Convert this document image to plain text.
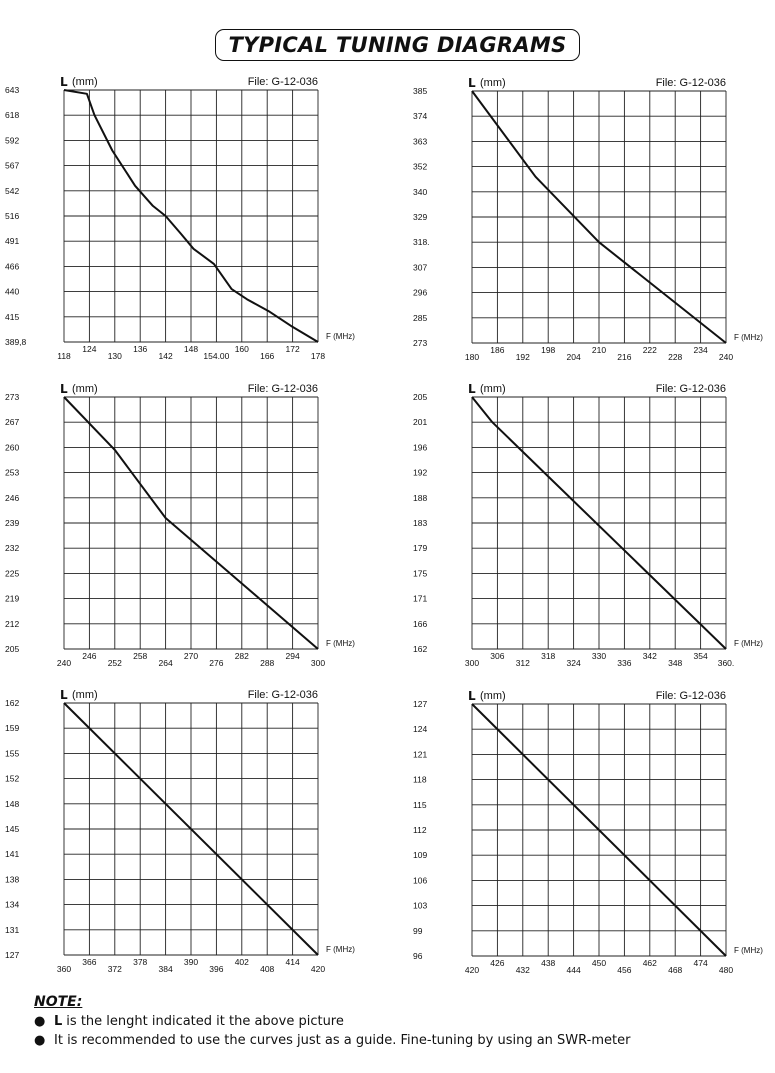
TYPICAL TUNING DIAGRAMS
389,8
415
440
466
491
516
542
567
592
618
643
118
124
130
136
142
148
154.00
160
166
172
178
L (mm)	File: G-12-036
F (MHz)
273
285
296
307
318.
329
340
352
363
374
385
180
186
192
198
204
210
216
222
228
234
240
L (mm)	File: G-12-036
F (MHz)
205
212
219
225
232
239
246
253
260
267
273
240
246
252
258
264
270
276
282
288
294
300
L (mm)	File: G-12-036
F (MHz)
162
166
171
175
179
183
188
192
196
201
205
300
306
312
318
324
330
336
342
348
354
360.
L (mm)	File: G-12-036
F (MHz)
127
131
134
138
141
145
148
152
155
159
162
360
366
372
378
384
390
396
402
408
414
420
L (mm)	File: G-12-036
F (MHz)
96
99
103
106
109
112
115
118
121
124
127
420
426
432
438
444
450
456
462
468
474
480
L (mm)	File: G-12-036
F (MHz)
NOTE:
● L is the lenght indicated it the above picture
● It is recommended to use the curves just as a guide. Fine-tuning by using an SWR-meter
